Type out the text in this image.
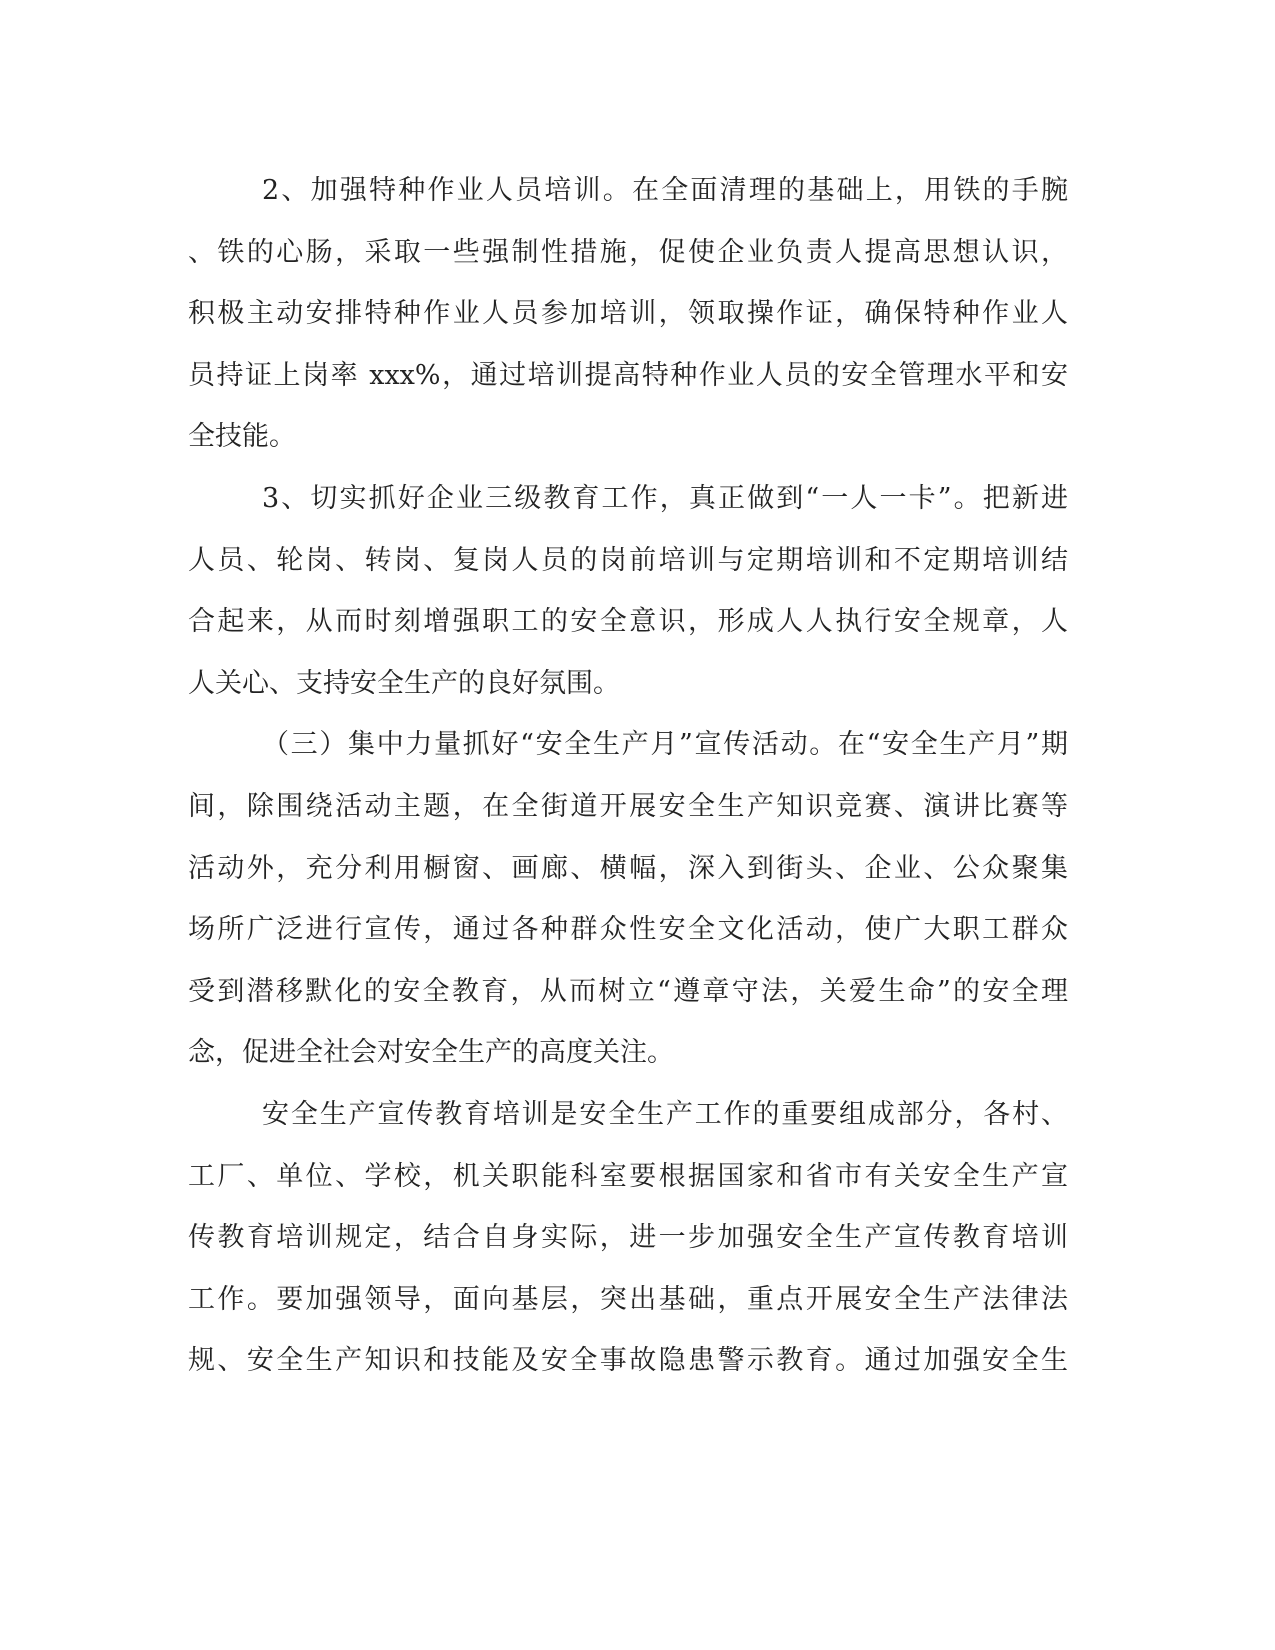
2、加强特种作业人员培训。在全面清理的基础上，用铁的手腕
、铁的心肠，采取一些强制性措施，促使企业负责人提高思想认识，
积极主动安排特种作业人员参加培训，领取操作证，确保特种作业人
员持证上岗率 xxx%，通过培训提高特种作业人员的安全管理水平和安
全技能。
3、切实抓好企业三级教育工作，真正做到“一人一卡”。把新进
人员、轮岗、转岗、复岗人员的岗前培训与定期培训和不定期培训结
合起来，从而时刻增强职工的安全意识，形成人人执行安全规章，人
人关心、支持安全生产的良好氛围。
（三）集中力量抓好“安全生产月”宣传活动。在“安全生产月”期
间，除围绕活动主题，在全街道开展安全生产知识竞赛、演讲比赛等
活动外，充分利用橱窗、画廊、横幅，深入到街头、企业、公众聚集
场所广泛进行宣传，通过各种群众性安全文化活动，使广大职工群众
受到潜移默化的安全教育，从而树立“遵章守法，关爱生命”的安全理
念，促进全社会对安全生产的高度关注。
安全生产宣传教育培训是安全生产工作的重要组成部分，各村、
工厂、单位、学校，机关职能科室要根据国家和省市有关安全生产宣
传教育培训规定，结合自身实际，进一步加强安全生产宣传教育培训
工作。要加强领导，面向基层，突出基础，重点开展安全生产法律法
规、安全生产知识和技能及安全事故隐患警示教育。通过加强安全生
